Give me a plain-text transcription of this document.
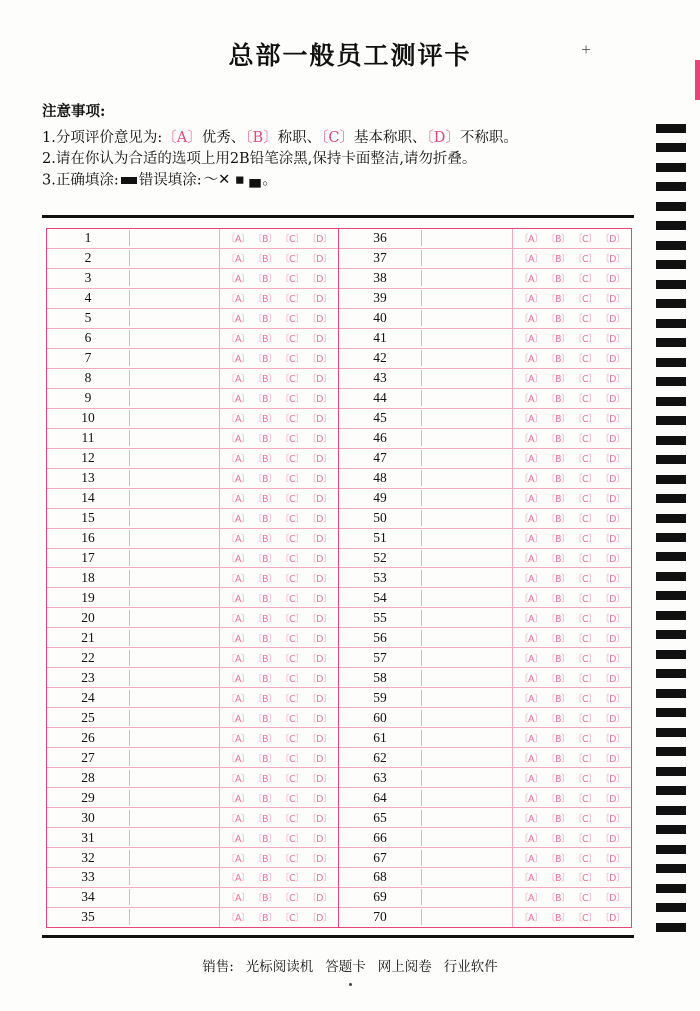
总部一般员工测评卡	+
注意事项:
1.分项评价意见为:〔A〕优秀、〔B〕称职、〔C〕基本称职、〔D〕不称职。
2.请在你认为合适的选项上用2B铅笔涂黑,保持卡面整洁,请勿折叠。
3.正确填涂: 错误填涂: 〜✕ ▪ ▄ 。
1	〔A〕 〔B〕 〔C〕 〔D〕
2	〔A〕 〔B〕 〔C〕 〔D〕
3	〔A〕 〔B〕 〔C〕 〔D〕
4	〔A〕 〔B〕 〔C〕 〔D〕
5	〔A〕 〔B〕 〔C〕 〔D〕
6	〔A〕 〔B〕 〔C〕 〔D〕
7	〔A〕 〔B〕 〔C〕 〔D〕
8	〔A〕 〔B〕 〔C〕 〔D〕
9	〔A〕 〔B〕 〔C〕 〔D〕
10	〔A〕 〔B〕 〔C〕 〔D〕
11	〔A〕 〔B〕 〔C〕 〔D〕
12	〔A〕 〔B〕 〔C〕 〔D〕
13	〔A〕 〔B〕 〔C〕 〔D〕
14	〔A〕 〔B〕 〔C〕 〔D〕
15	〔A〕 〔B〕 〔C〕 〔D〕
16	〔A〕 〔B〕 〔C〕 〔D〕
17	〔A〕 〔B〕 〔C〕 〔D〕
18	〔A〕 〔B〕 〔C〕 〔D〕
19	〔A〕 〔B〕 〔C〕 〔D〕
20	〔A〕 〔B〕 〔C〕 〔D〕
21	〔A〕 〔B〕 〔C〕 〔D〕
22	〔A〕 〔B〕 〔C〕 〔D〕
23	〔A〕 〔B〕 〔C〕 〔D〕
24	〔A〕 〔B〕 〔C〕 〔D〕
25	〔A〕 〔B〕 〔C〕 〔D〕
26	〔A〕 〔B〕 〔C〕 〔D〕
27	〔A〕 〔B〕 〔C〕 〔D〕
28	〔A〕 〔B〕 〔C〕 〔D〕
29	〔A〕 〔B〕 〔C〕 〔D〕
30	〔A〕 〔B〕 〔C〕 〔D〕
31	〔A〕 〔B〕 〔C〕 〔D〕
32	〔A〕 〔B〕 〔C〕 〔D〕
33	〔A〕 〔B〕 〔C〕 〔D〕
34	〔A〕 〔B〕 〔C〕 〔D〕
35	〔A〕 〔B〕 〔C〕 〔D〕
36	〔A〕 〔B〕 〔C〕 〔D〕
37	〔A〕 〔B〕 〔C〕 〔D〕
38	〔A〕 〔B〕 〔C〕 〔D〕
39	〔A〕 〔B〕 〔C〕 〔D〕
40	〔A〕 〔B〕 〔C〕 〔D〕
41	〔A〕 〔B〕 〔C〕 〔D〕
42	〔A〕 〔B〕 〔C〕 〔D〕
43	〔A〕 〔B〕 〔C〕 〔D〕
44	〔A〕 〔B〕 〔C〕 〔D〕
45	〔A〕 〔B〕 〔C〕 〔D〕
46	〔A〕 〔B〕 〔C〕 〔D〕
47	〔A〕 〔B〕 〔C〕 〔D〕
48	〔A〕 〔B〕 〔C〕 〔D〕
49	〔A〕 〔B〕 〔C〕 〔D〕
50	〔A〕 〔B〕 〔C〕 〔D〕
51	〔A〕 〔B〕 〔C〕 〔D〕
52	〔A〕 〔B〕 〔C〕 〔D〕
53	〔A〕 〔B〕 〔C〕 〔D〕
54	〔A〕 〔B〕 〔C〕 〔D〕
55	〔A〕 〔B〕 〔C〕 〔D〕
56	〔A〕 〔B〕 〔C〕 〔D〕
57	〔A〕 〔B〕 〔C〕 〔D〕
58	〔A〕 〔B〕 〔C〕 〔D〕
59	〔A〕 〔B〕 〔C〕 〔D〕
60	〔A〕 〔B〕 〔C〕 〔D〕
61	〔A〕 〔B〕 〔C〕 〔D〕
62	〔A〕 〔B〕 〔C〕 〔D〕
63	〔A〕 〔B〕 〔C〕 〔D〕
64	〔A〕 〔B〕 〔C〕 〔D〕
65	〔A〕 〔B〕 〔C〕 〔D〕
66	〔A〕 〔B〕 〔C〕 〔D〕
67	〔A〕 〔B〕 〔C〕 〔D〕
68	〔A〕 〔B〕 〔C〕 〔D〕
69	〔A〕 〔B〕 〔C〕 〔D〕
70	〔A〕 〔B〕 〔C〕 〔D〕
销售: 光标阅读机 答题卡 网上阅卷 行业软件
